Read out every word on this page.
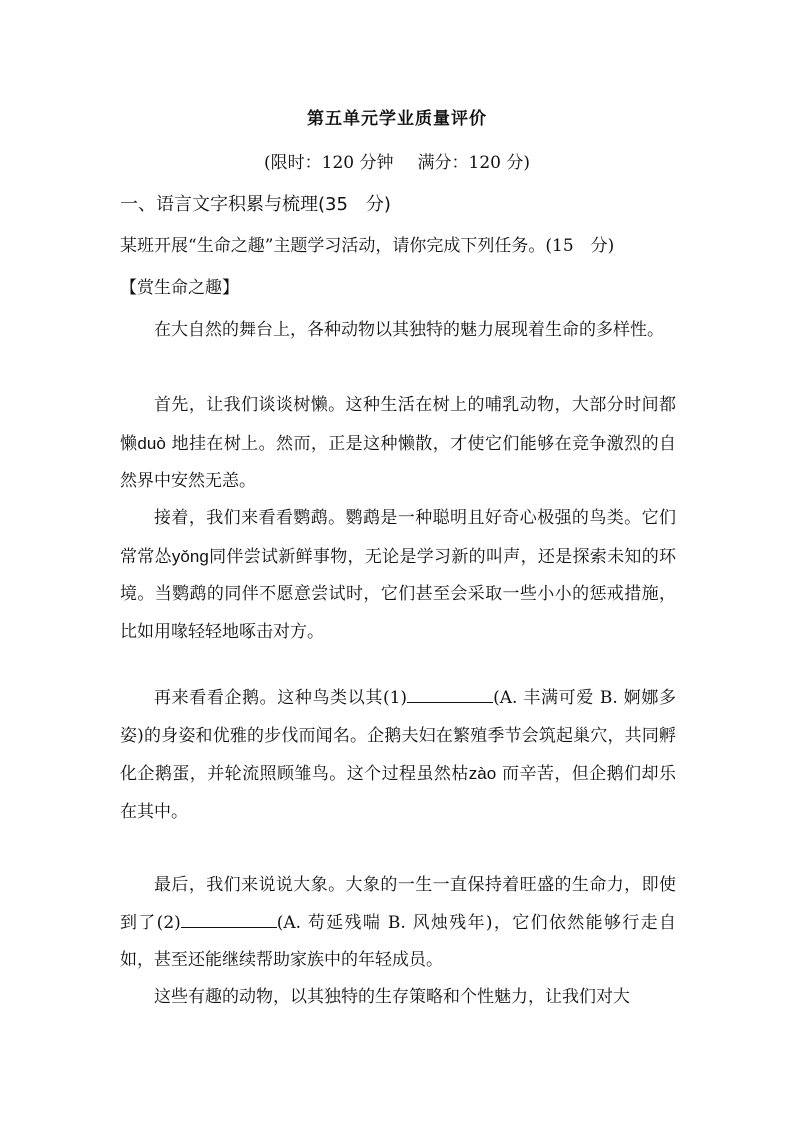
第五单元学业质量评价
(限时：120 分钟 满分：120 分)
一、语言文字积累与梳理(35　分)
某班开展“生命之趣”主题学习活动，请你完成下列任务。(15　分)
【赏生命之趣】
在大自然的舞台上，各种动物以其独特的魅力展现着生命的多样性。
首先，让我们谈谈树懒。这种生活在树上的哺乳动物，大部分时间都懒duò 地挂在树上。然而，正是这种懒散，才使它们能够在竞争激烈的自然界中安然无恙。
接着，我们来看看鹦鹉。鹦鹉是一种聪明且好奇心极强的鸟类。它们常常怂yǒng同伴尝试新鲜事物，无论是学习新的叫声，还是探索未知的环境。当鹦鹉的同伴不愿意尝试时，它们甚至会采取一些小小的惩戒措施，比如用喙轻轻地啄击对方。
再来看看企鹅。这种鸟类以其(1)	(A. 丰满可爱 B. 婀娜多姿)的身姿和优雅的步伐而闻名。企鹅夫妇在繁殖季节会筑起巢穴，共同孵化企鹅蛋，并轮流照顾雏鸟。这个过程虽然枯zào 而辛苦，但企鹅们却乐在其中。
最后，我们来说说大象。大象的一生一直保持着旺盛的生命力，即使到了(2)	(A. 苟延残喘 B. 风烛残年)，它们依然能够行走自如，甚至还能继续帮助家族中的年轻成员。
这些有趣的动物，以其独特的生存策略和个性魅力，让我们对大
